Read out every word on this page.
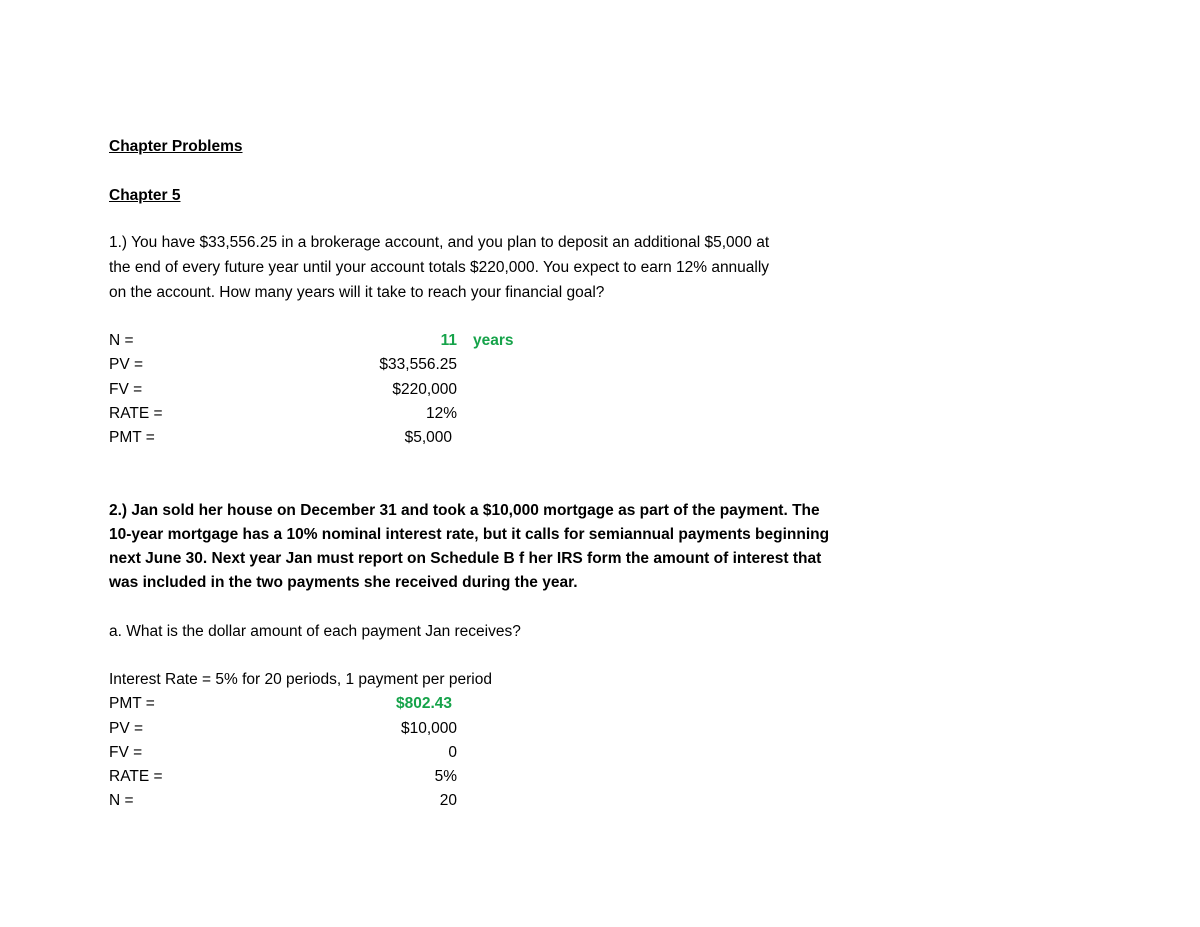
Chapter Problems
Chapter 5
1.) You have $33,556.25 in a brokerage account, and you plan to deposit an additional $5,000 at
the end of every future year until your account totals $220,000. You expect to earn 12% annually
on the account. How many years will it take to reach your financial goal?
N =	11 years
PV =	$33,556.25
FV =	$220,000
RATE =	12%
PMT =	$5,000
2.) Jan sold her house on December 31 and took a $10,000 mortgage as part of the payment. The
10-year mortgage has a 10% nominal interest rate, but it calls for semiannual payments beginning
next June 30. Next year Jan must report on Schedule B f her IRS form the amount of interest that
was included in the two payments she received during the year.
a. What is the dollar amount of each payment Jan receives?
Interest Rate = 5% for 20 periods, 1 payment per period
PMT =	$802.43
PV =	$10,000
FV =	0
RATE =	5%
N =	20
